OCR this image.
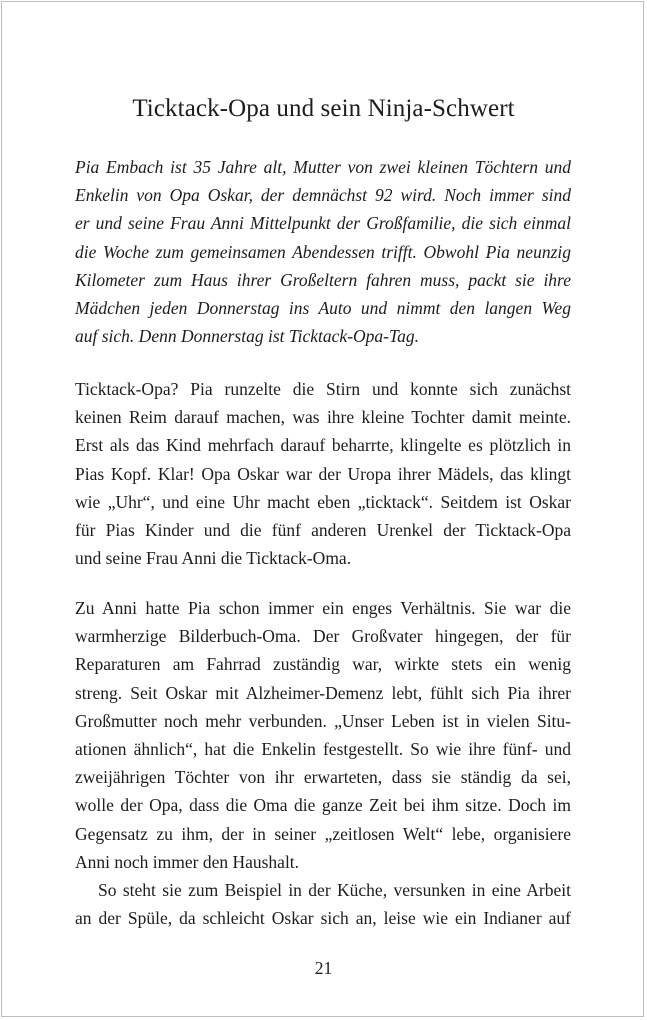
Ticktack-Opa und sein Ninja-Schwert
Pia Embach ist 35 Jahre alt, Mutter von zwei kleinen Töchtern und
Enkelin von Opa Oskar, der demnächst 92 wird. Noch immer sind
er und seine Frau Anni Mittelpunkt der Großfamilie, die sich einmal
die Woche zum gemeinsamen Abendessen trifft. Obwohl Pia neunzig
Kilometer zum Haus ihrer Großeltern fahren muss, packt sie ihre
Mädchen jeden Donnerstag ins Auto und nimmt den langen Weg
auf sich. Denn Donnerstag ist Ticktack-Opa-Tag.
Ticktack-Opa? Pia runzelte die Stirn und konnte sich zunächst
keinen Reim darauf machen, was ihre kleine Tochter damit meinte.
Erst als das Kind mehrfach darauf beharrte, klingelte es plötzlich in
Pias Kopf. Klar! Opa Oskar war der Uropa ihrer Mädels, das klingt
wie „Uhr“, und eine Uhr macht eben „ticktack“. Seitdem ist Oskar
für Pias Kinder und die fünf anderen Urenkel der Ticktack-Opa
und seine Frau Anni die Ticktack-Oma.
Zu Anni hatte Pia schon immer ein enges Verhältnis. Sie war die
warmherzige Bilderbuch-Oma. Der Großvater hingegen, der für
Reparaturen am Fahrrad zuständig war, wirkte stets ein wenig
streng. Seit Oskar mit Alzheimer-Demenz lebt, fühlt sich Pia ihrer
Großmutter noch mehr verbunden. „Unser Leben ist in vielen Situ-
ationen ähnlich“, hat die Enkelin festgestellt. So wie ihre fünf- und
zweijährigen Töchter von ihr erwarteten, dass sie ständig da sei,
wolle der Opa, dass die Oma die ganze Zeit bei ihm sitze. Doch im
Gegensatz zu ihm, der in seiner „zeitlosen Welt“ lebe, organisiere
Anni noch immer den Haushalt.
So steht sie zum Beispiel in der Küche, versunken in eine Arbeit
an der Spüle, da schleicht Oskar sich an, leise wie ein Indianer auf
21
